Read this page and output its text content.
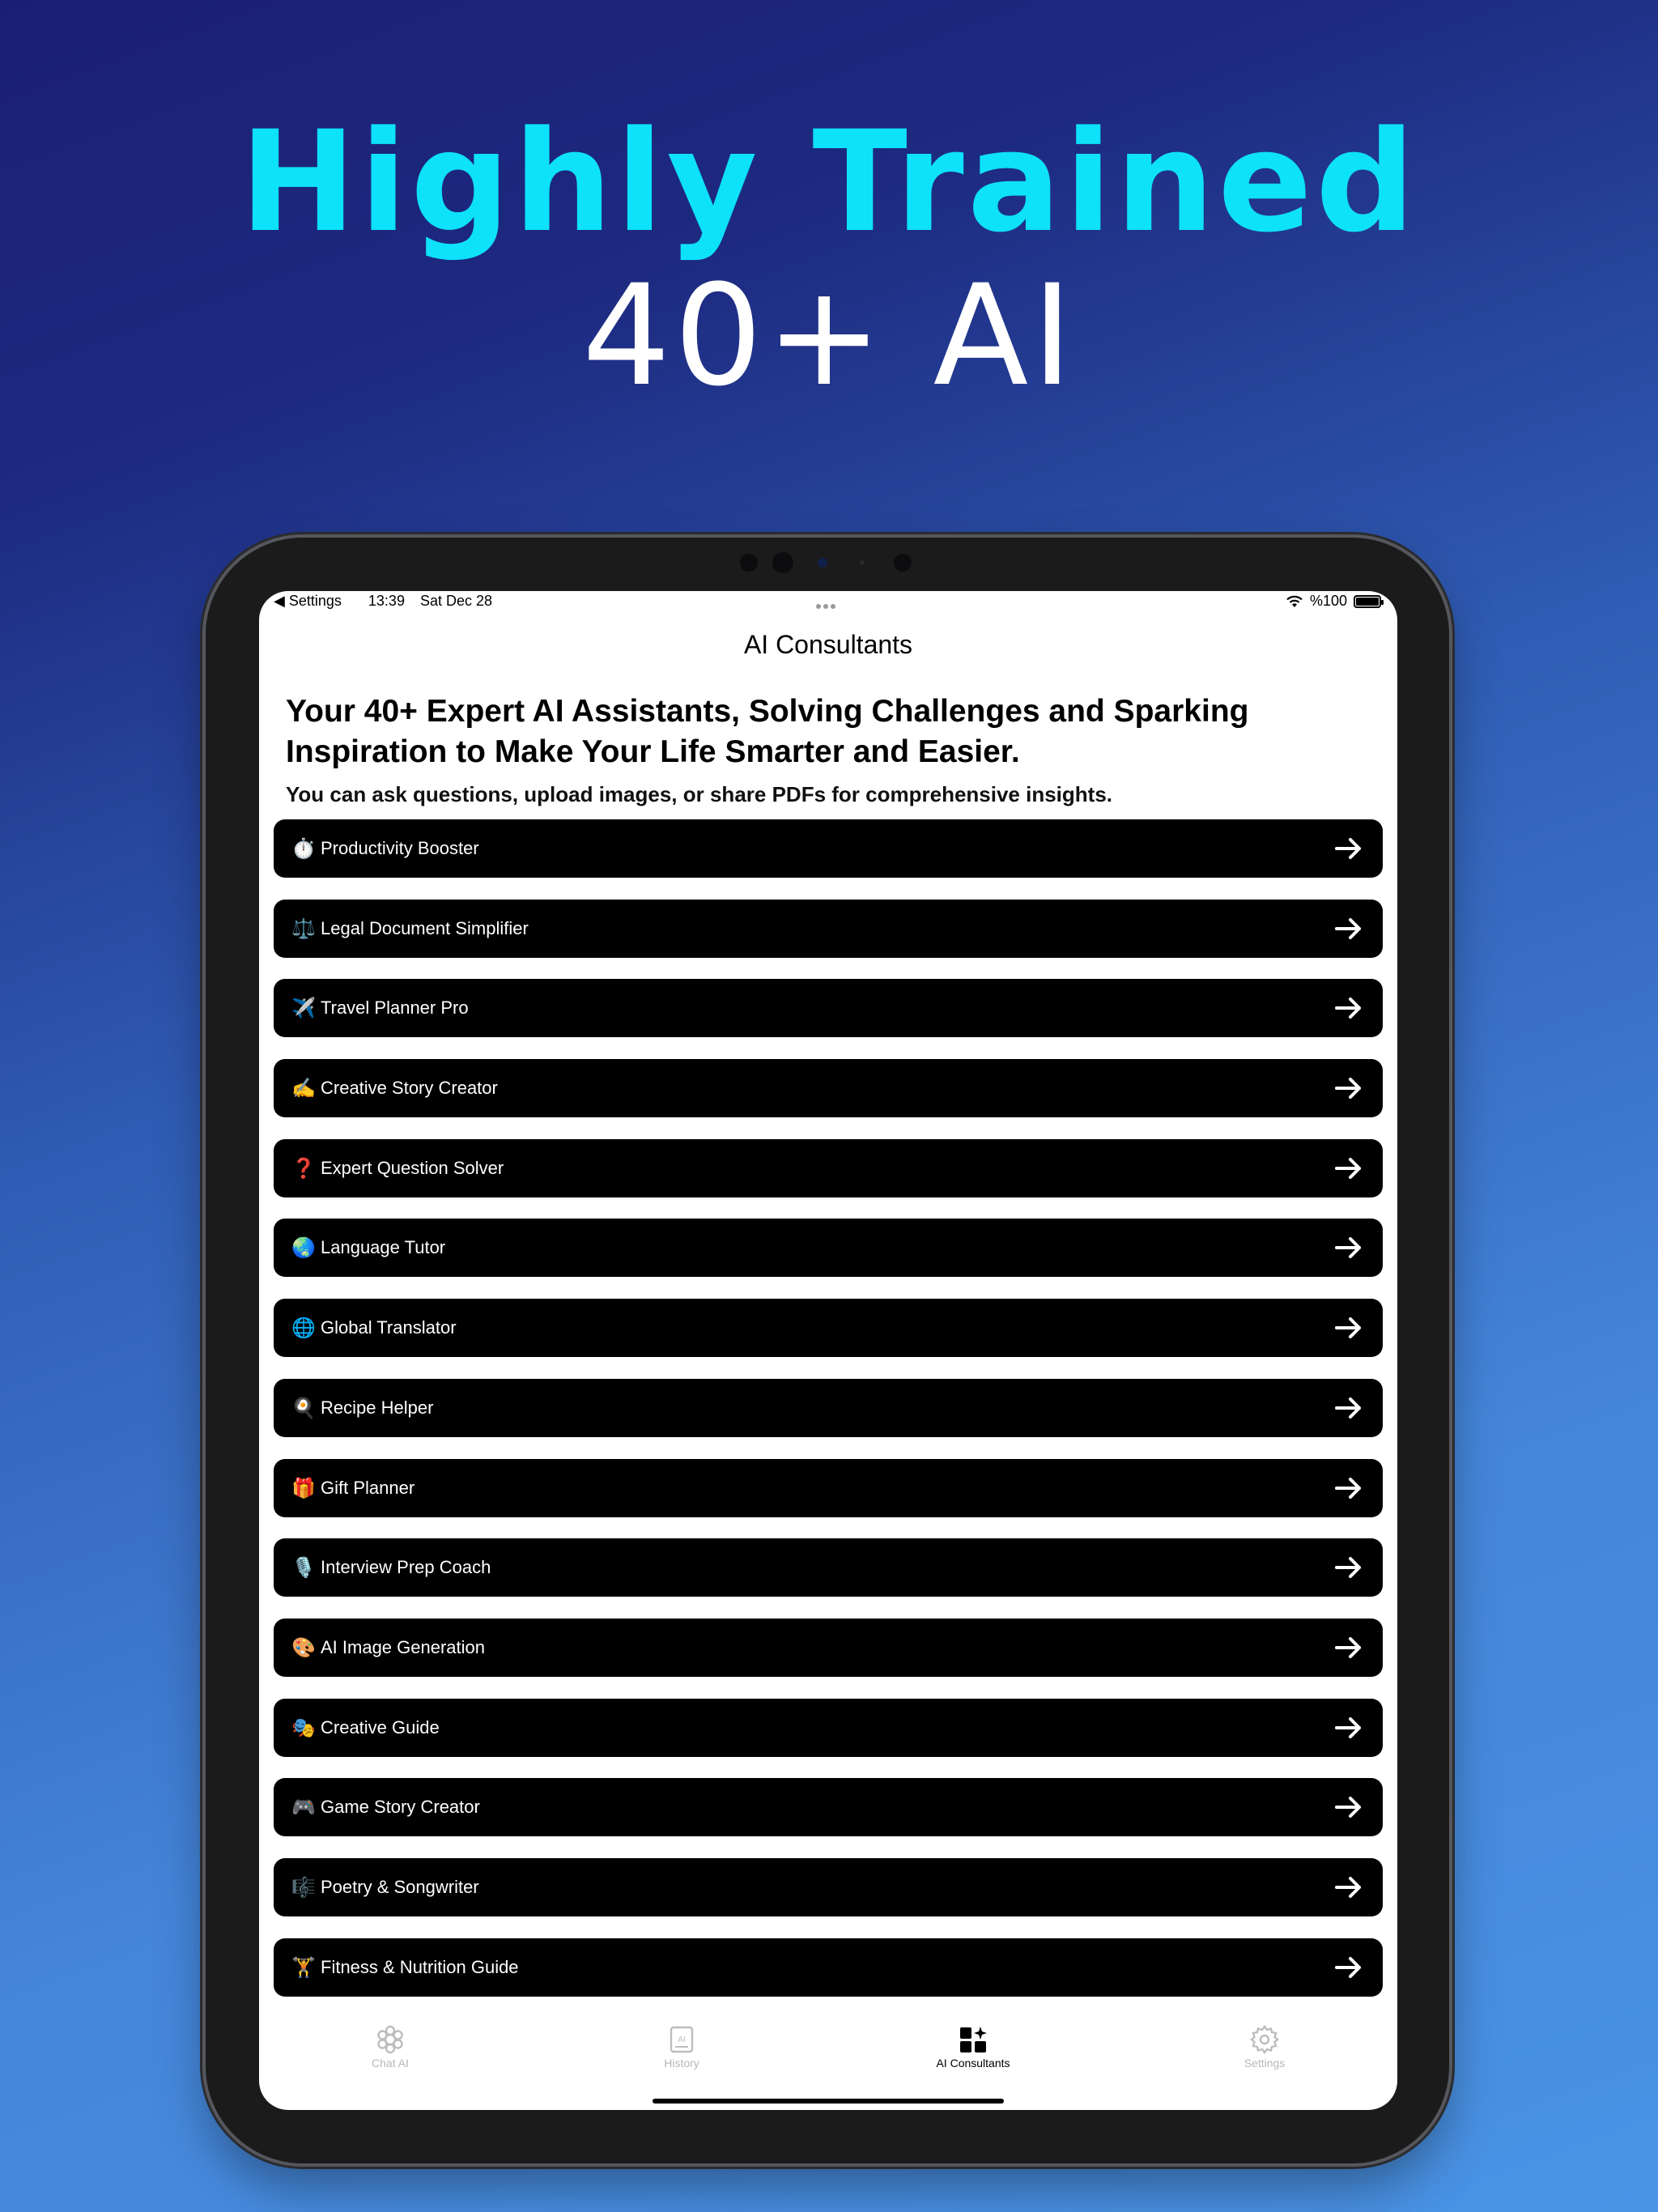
Highly Trained
40+ AI
◀ Settings 13:39 Sat Dec 28	%100
AI Consultants
Your 40+ Expert AI Assistants, Solving Challenges and Sparking Inspiration to Make Your Life Smarter and Easier.
You can ask questions, upload images, or share PDFs for comprehensive insights.
⏱️ Productivity Booster
⚖️ Legal Document Simplifier
✈️ Travel Planner Pro
✍️ Creative Story Creator
❓ Expert Question Solver
🌏 Language Tutor
🌐 Global Translator
🍳 Recipe Helper
🎁 Gift Planner
🎙️ Interview Prep Coach
🎨 AI Image Generation
🎭 Creative Guide
🎮 Game Story Creator
🎼 Poetry & Songwriter
🏋️ Fitness & Nutrition Guide
Chat AI
AI
History	AI Consultants	Settings
